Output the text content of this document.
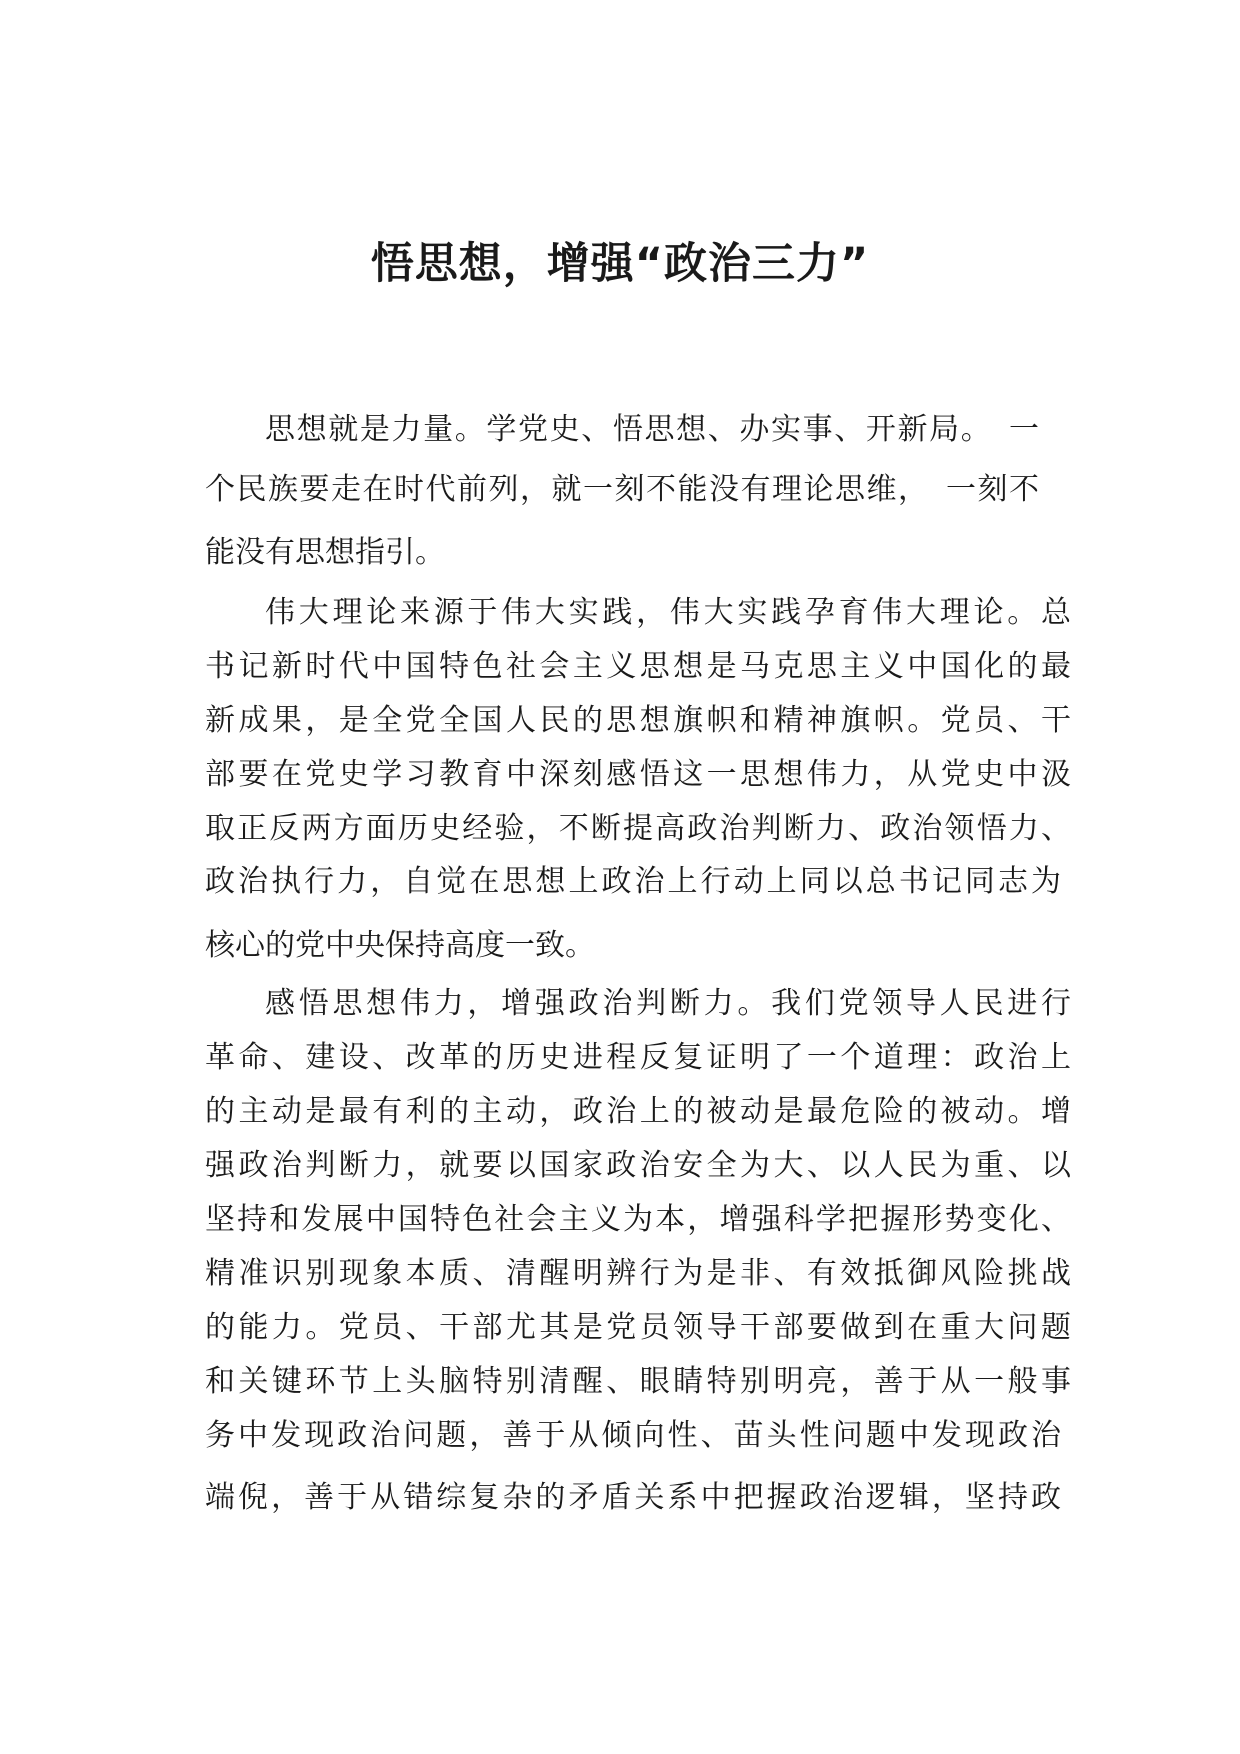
悟思想，增强“政治三力”

思想就是力量。学党史、悟思想、办实事、开新局。　一

个民族要走在时代前列，就一刻不能没有理论思维，　一刻不

能没有思想指引。

伟大理论来源于伟大实践，伟大实践孕育伟大理论。总

书记新时代中国特色社会主义思想是马克思主义中国化的最

新成果，是全党全国人民的思想旗帜和精神旗帜。党员、干

部要在党史学习教育中深刻感悟这一思想伟力，从党史中汲

取正反两方面历史经验，不断提高政治判断力、政治领悟力、

政治执行力，自觉在思想上政治上行动上同以总书记同志为

核心的党中央保持高度一致。

感悟思想伟力，增强政治判断力。我们党领导人民进行

革命、建设、改革的历史进程反复证明了一个道理：政治上

的主动是最有利的主动，政治上的被动是最危险的被动。增

强政治判断力，就要以国家政治安全为大、以人民为重、以

坚持和发展中国特色社会主义为本，增强科学把握形势变化、

精准识别现象本质、清醒明辨行为是非、有效抵御风险挑战

的能力。党员、干部尤其是党员领导干部要做到在重大问题

和关键环节上头脑特别清醒、眼睛特别明亮，善于从一般事

务中发现政治问题，善于从倾向性、苗头性问题中发现政治

端倪，善于从错综复杂的矛盾关系中把握政治逻辑，坚持政
